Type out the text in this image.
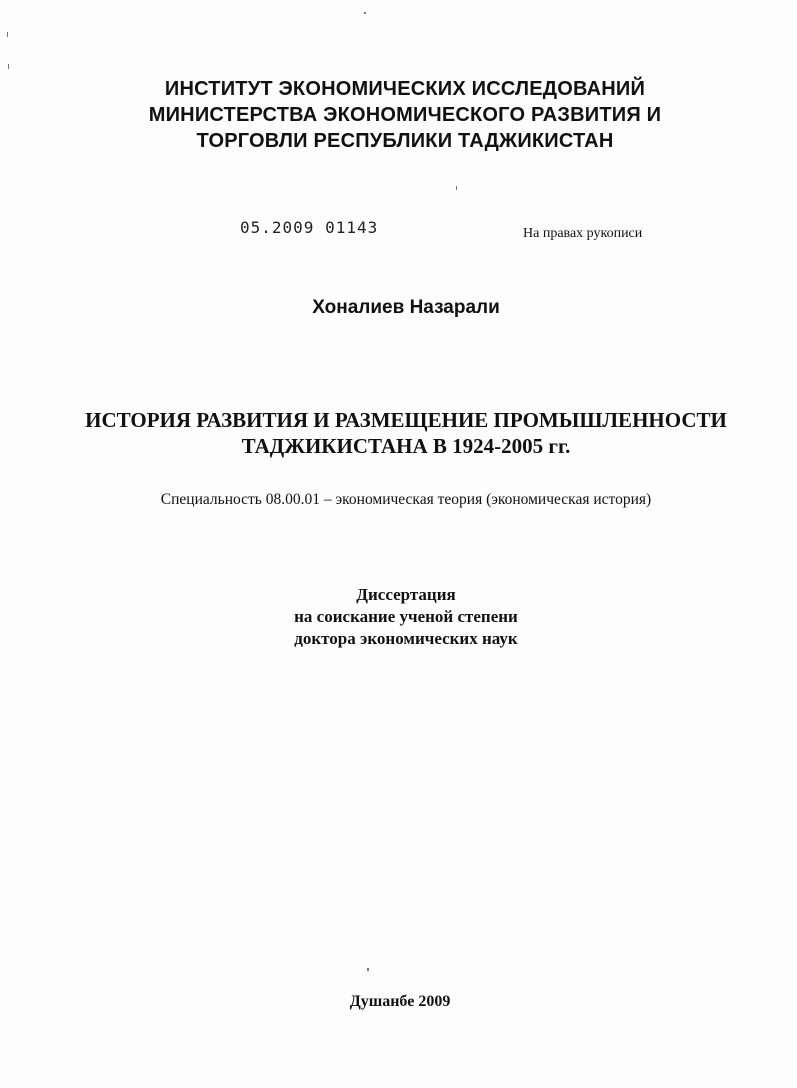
ИНСТИТУТ ЭКОНОМИЧЕСКИХ ИССЛЕДОВАНИЙ
МИНИСТЕРСТВА ЭКОНОМИЧЕСКОГО РАЗВИТИЯ И
ТОРГОВЛИ РЕСПУБЛИКИ ТАДЖИКИСТАН
05.2009 01143	На правах рукописи
Хоналиев Назарали
ИСТОРИЯ РАЗВИТИЯ И РАЗМЕЩЕНИЕ ПРОМЫШЛЕННОСТИ
ТАДЖИКИСТАНА В 1924-2005 гг.
Специальность 08.00.01 – экономическая теория (экономическая история)
Диссертация
на соискание ученой степени
доктора экономических наук
Душанбе 2009
